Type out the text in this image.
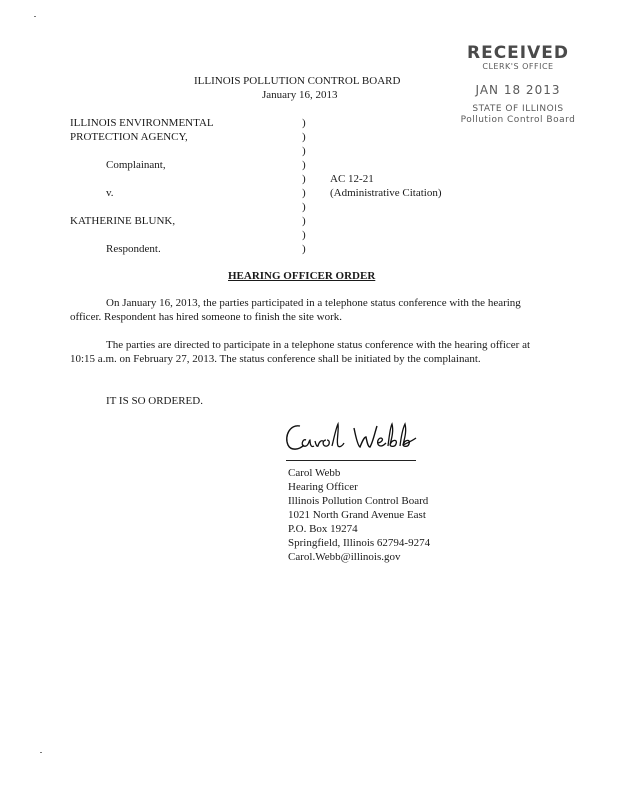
RECEIVED
CLERK'S OFFICE
JAN 18 2013
STATE OF ILLINOIS
Pollution Control Board
ILLINOIS POLLUTION CONTROL BOARD
January 16, 2013
ILLINOIS ENVIRONMENTAL
PROTECTION AGENCY,
Complainant,
v.
KATHERINE BLUNK,
Respondent.
)
)
)
)
)
)
)
)
)
)
AC 12-21
(Administrative Citation)
HEARING OFFICER ORDER
On January 16, 2013, the parties participated in a telephone status conference with the hearing officer. Respondent has hired someone to finish the site work.
The parties are directed to participate in a telephone status conference with the hearing officer at 10:15 a.m. on February 27, 2013. The status conference shall be initiated by the complainant.
IT IS SO ORDERED.
Carol Webb
Hearing Officer
Illinois Pollution Control Board
1021 North Grand Avenue East
P.O. Box 19274
Springfield, Illinois 62794-9274
Carol.Webb@illinois.gov
